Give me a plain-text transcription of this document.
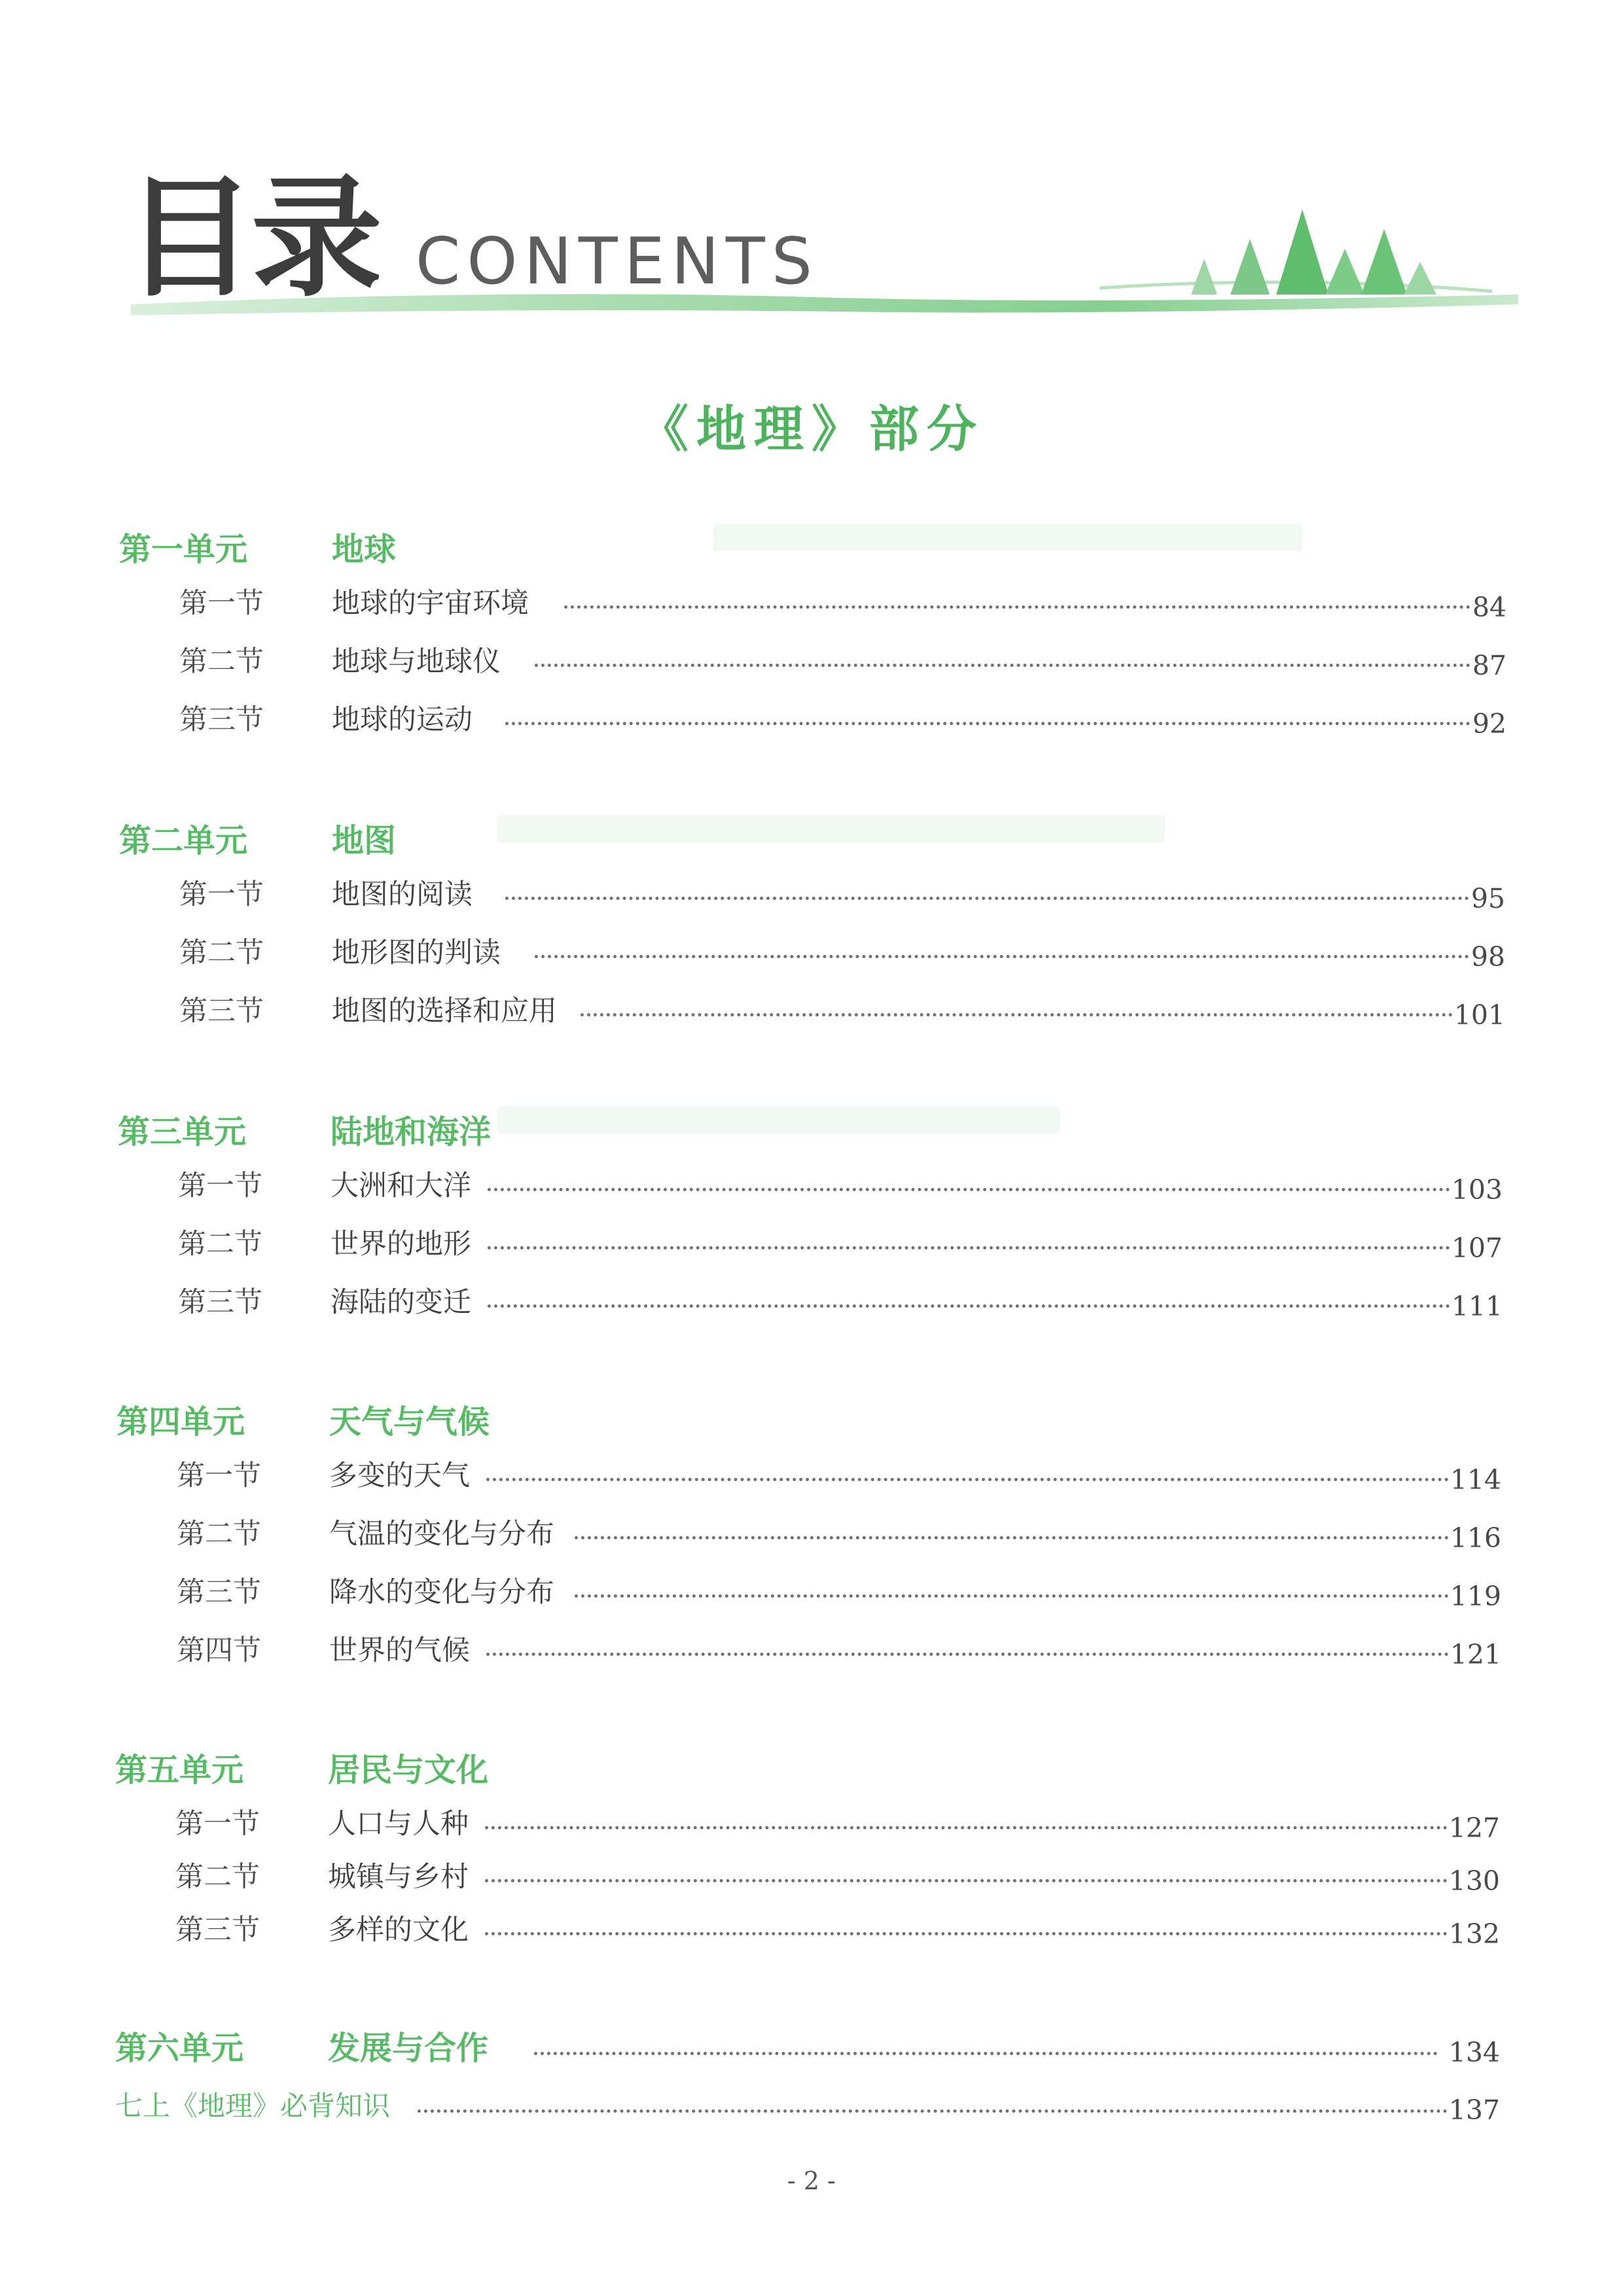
目录 CONTENTS
《地理》部分
第一单元	地球
第一节 地球的宇宙环境	84
第二节 地球与地球仪	87
第三节 地球的运动	92
第二单元	地图
第一节 地图的阅读	95
第二节 地形图的判读	98
第三节 地图的选择和应用	101
第三单元	陆地和海洋
第一节 大洲和大洋	103
第二节 世界的地形	107
第三节 海陆的变迁	111
第四单元	天气与气候
第一节 多变的天气	114
第二节 气温的变化与分布	116
第三节 降水的变化与分布	119
第四节 世界的气候	121
第五单元	居民与文化
第一节 人口与人种	127
第二节 城镇与乡村	130
第三节 多样的文化	132
第六单元	发展与合作	134
七上《地理》必背知识	137
- 2 -
